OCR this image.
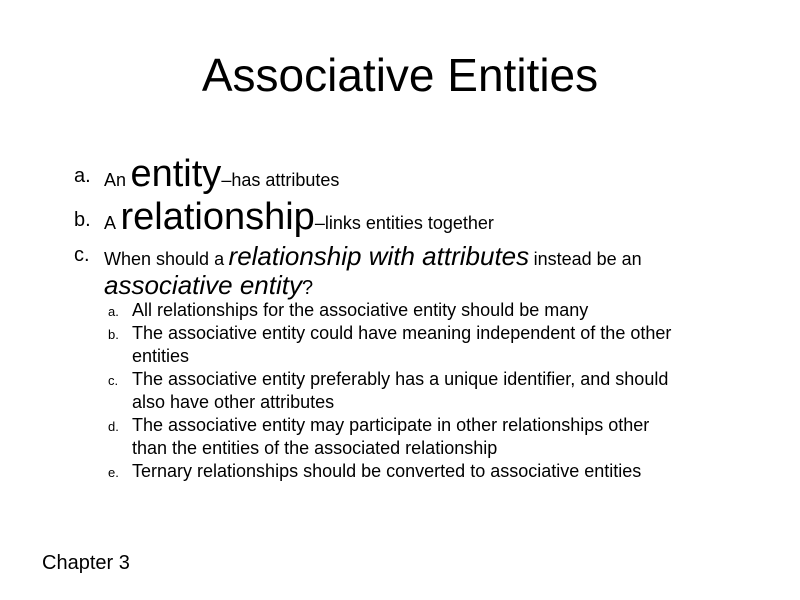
Associative Entities
a. An entity–has attributes
b. A relationship–links entities together
c. When should a relationship with attributes instead be an
associative entity?
a. All relationships for the associative entity should be many
b. The associative entity could have meaning independent of the other
entities
c. The associative entity preferably has a unique identifier, and should
also have other attributes
d. The associative entity may participate in other relationships other
than the entities of the associated relationship
e. Ternary relationships should be converted to associative entities
Chapter 3
